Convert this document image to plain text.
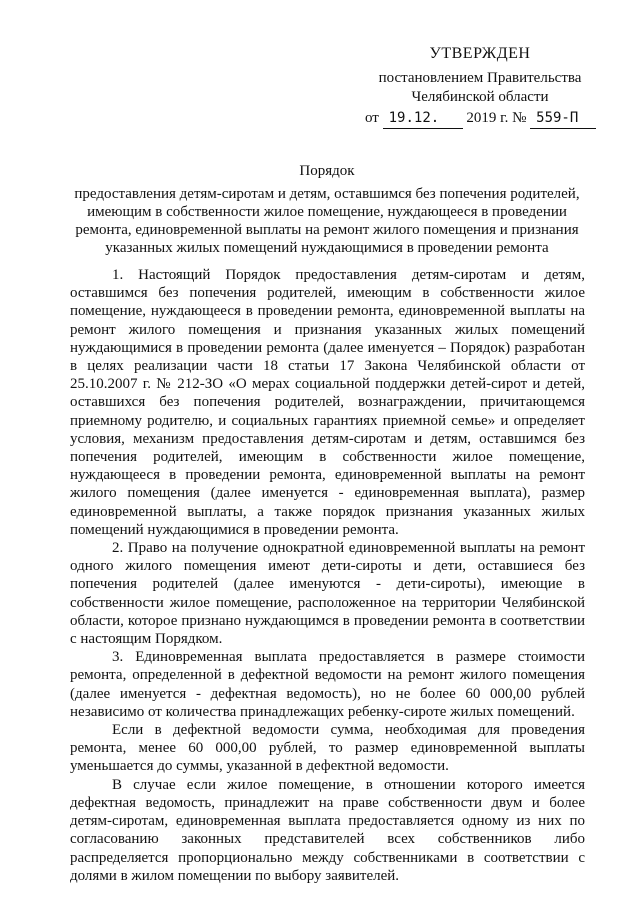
УТВЕРЖДЕН
постановлением Правительства
Челябинской области
от 19.12. 2019 г. № 559-П
Порядок
предоставления детям-сиротам и детям, оставшимся без попечения родителей, имеющим в собственности жилое помещение, нуждающееся в проведении ремонта, единовременной выплаты на ремонт жилого помещения и признания указанных жилых помещений нуждающимися в проведении ремонта

1. Настоящий Порядок предоставления детям-сиротам и детям, оставшимся без попечения родителей, имеющим в собственности жилое помещение, нуждающееся в проведении ремонта, единовременной выплаты на ремонт жилого помещения и признания указанных жилых помещений нуждающимися в проведении ремонта (далее именуется – Порядок) разработан в целях реализации части 18 статьи 17 Закона Челябинской области от 25.10.2007 г. № 212-ЗО «О мерах социальной поддержки детей-сирот и детей, оставшихся без попечения родителей, вознаграждении, причитающемся приемному родителю, и социальных гарантиях приемной семье» и определяет условия, механизм предоставления детям-сиротам и детям, оставшимся без попечения родителей, имеющим в собственности жилое помещение, нуждающееся в проведении ремонта, единовременной выплаты на ремонт жилого помещения (далее именуется - единовременная выплата), размер единовременной выплаты, а также порядок признания указанных жилых помещений нуждающимися в проведении ремонта.

2. Право на получение однократной единовременной выплаты на ремонт одного жилого помещения имеют дети-сироты и дети, оставшиеся без попечения родителей (далее именуются - дети-сироты), имеющие в собственности жилое помещение, расположенное на территории Челябинской области, которое признано нуждающимся в проведении ремонта в соответствии с настоящим Порядком.

3. Единовременная выплата предоставляется в размере стоимости ремонта, определенной в дефектной ведомости на ремонт жилого помещения (далее именуется - дефектная ведомость), но не более 60 000,00 рублей независимо от количества принадлежащих ребенку-сироте жилых помещений.

Если в дефектной ведомости сумма, необходимая для проведения ремонта, менее 60 000,00 рублей, то размер единовременной выплаты уменьшается до суммы, указанной в дефектной ведомости.

В случае если жилое помещение, в отношении которого имеется дефектная ведомость, принадлежит на праве собственности двум и более детям-сиротам, единовременная выплата предоставляется одному из них по согласованию законных представителей всех собственников либо распределяется пропорционально между собственниками в соответствии с долями в жилом помещении по выбору заявителей.
